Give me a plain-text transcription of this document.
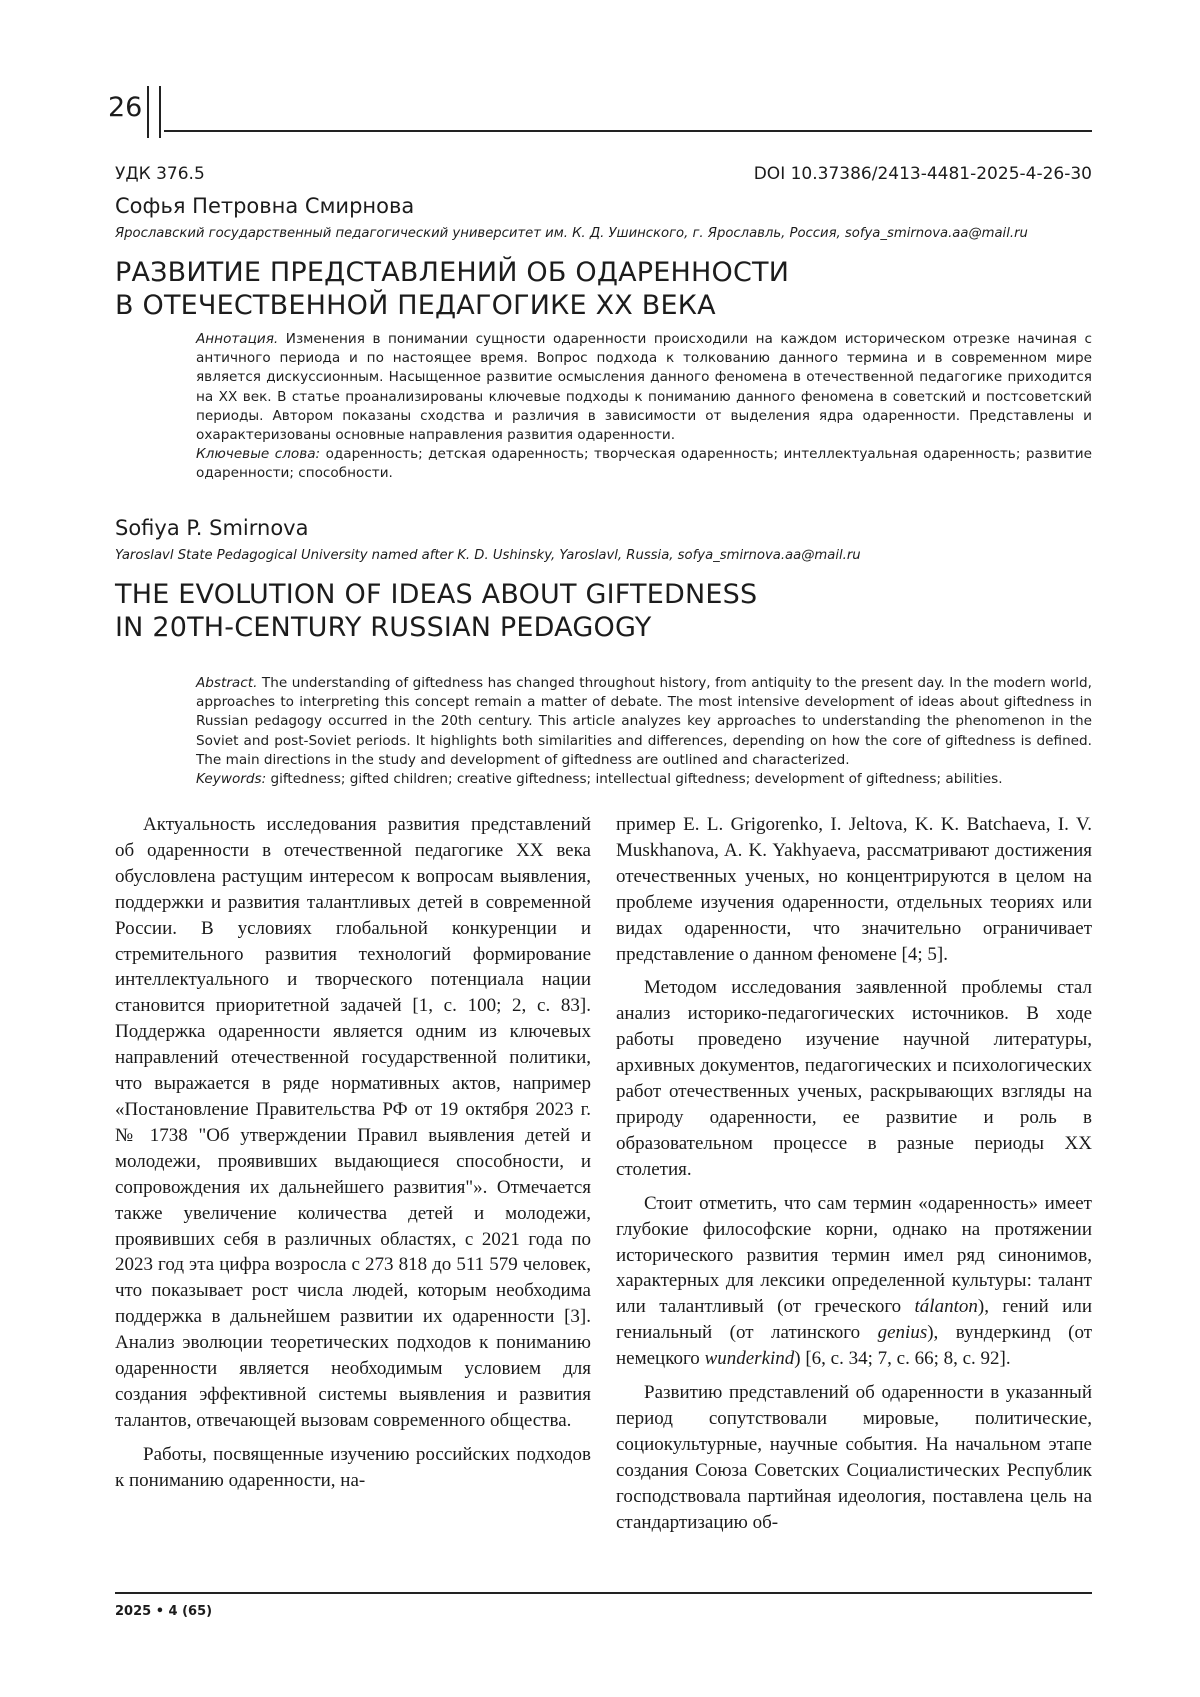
26
УДК 376.5	DOI 10.37386/2413-4481-2025-4-26-30
Софья Петровна Смирнова
Ярославский государственный педагогический университет им. К. Д. Ушинского, г. Ярославль, Россия, sofya_smirnova.aa@mail.ru
РАЗВИТИЕ ПРЕДСТАВЛЕНИЙ ОБ ОДАРЕННОСТИ
В ОТЕЧЕСТВЕННОЙ ПЕДАГОГИКЕ XX ВЕКА
Аннотация. Изменения в понимании сущности одаренности происходили на каждом историческом отрезке начиная с античного периода и по настоящее время. Вопрос подхода к толкованию данного термина и в современном мире является дискуссионным. Насыщенное развитие осмысления данного феномена в отечественной педагогике приходится на XX век. В статье проанализированы ключевые подходы к пониманию данного феномена в советский и постсоветский периоды. Автором показаны сходства и различия в зависимости от выделения ядра одаренности. Представлены и охарактеризованы основные направления развития одаренности.
Ключевые слова: одаренность; детская одаренность; творческая одаренность; интеллектуальная одаренность; развитие одаренности; способности.
Sofiya P. Smirnova
Yaroslavl State Pedagogical University named after K. D. Ushinsky, Yaroslavl, Russia, sofya_smirnova.aa@mail.ru
THE EVOLUTION OF IDEAS ABOUT GIFTEDNESS
IN 20TH-CENTURY RUSSIAN PEDAGOGY
Abstract. The understanding of giftedness has changed throughout history, from antiquity to the present day. In the modern world, approaches to interpreting this concept remain a matter of debate. The most intensive development of ideas about giftedness in Russian pedagogy occurred in the 20th century. This article analyzes key approaches to understanding the phenomenon in the Soviet and post-Soviet periods. It highlights both similarities and differences, depending on how the core of giftedness is defined. The main directions in the study and development of giftedness are outlined and characterized.
Keywords: giftedness; gifted children; creative giftedness; intellectual giftedness; development of giftedness; abilities.

Актуальность исследования развития представлений об одаренности в отечественной педагогике XX века обусловлена растущим интересом к вопросам выявления, поддержки и развития талантливых детей в современной России. В условиях глобальной конкуренции и стремительного развития технологий формирование интеллектуального и творческого потенциала нации становится приоритетной задачей [1, с. 100; 2, с. 83]. Поддержка одаренности является одним из ключевых направлений отечественной государственной политики, что выражается в ряде нормативных актов, например «Постановление Правительства РФ от 19 октября 2023 г. № 1738 "Об утверждении Правил выявления детей и молодежи, проявивших выдающиеся способности, и сопровождения их дальнейшего развития"». Отмечается также увеличение количества детей и молодежи, проявивших себя в различных областях, с 2021 года по 2023 год эта цифра возросла с 273 818 до 511 579 человек, что показывает рост числа людей, которым необходима поддержка в дальнейшем развитии их одаренности [3]. Анализ эволюции теоретических подходов к пониманию одаренности является необходимым условием для создания эффективной системы выявления и развития талантов, отвечающей вызовам современного общества.

Работы, посвященные изучению российских подходов к пониманию одаренности, на-

пример E. L. Grigorenko, I. Jeltova, K. K. Batchaeva, I. V. Muskhanova, A. K. Yakhyaeva, рассматривают достижения отечественных ученых, но концентрируются в целом на проблеме изучения одаренности, отдельных теориях или видах одаренности, что значительно ограничивает представление о данном феномене [4; 5].

Методом исследования заявленной проблемы стал анализ историко-педагогических источников. В ходе работы проведено изучение научной литературы, архивных документов, педагогических и психологических работ отечественных ученых, раскрывающих взгляды на природу одаренности, ее развитие и роль в образовательном процессе в разные периоды XX столетия.

Стоит отметить, что сам термин «одаренность» имеет глубокие философские корни, однако на протяжении исторического развития термин имел ряд синонимов, характерных для лексики определенной культуры: талант или талантливый (от греческого tálanton), гений или гениальный (от латинского genius), вундеркинд (от немецкого wunderkind) [6, с. 34; 7, с. 66; 8, с. 92].

Развитию представлений об одаренности в указанный период сопутствовали мировые, политические, социокультурные, научные события. На начальном этапе создания Союза Советских Социалистических Республик господствовала партийная идеология, поставлена цель на стандартизацию об-

2025 • 4 (65)
